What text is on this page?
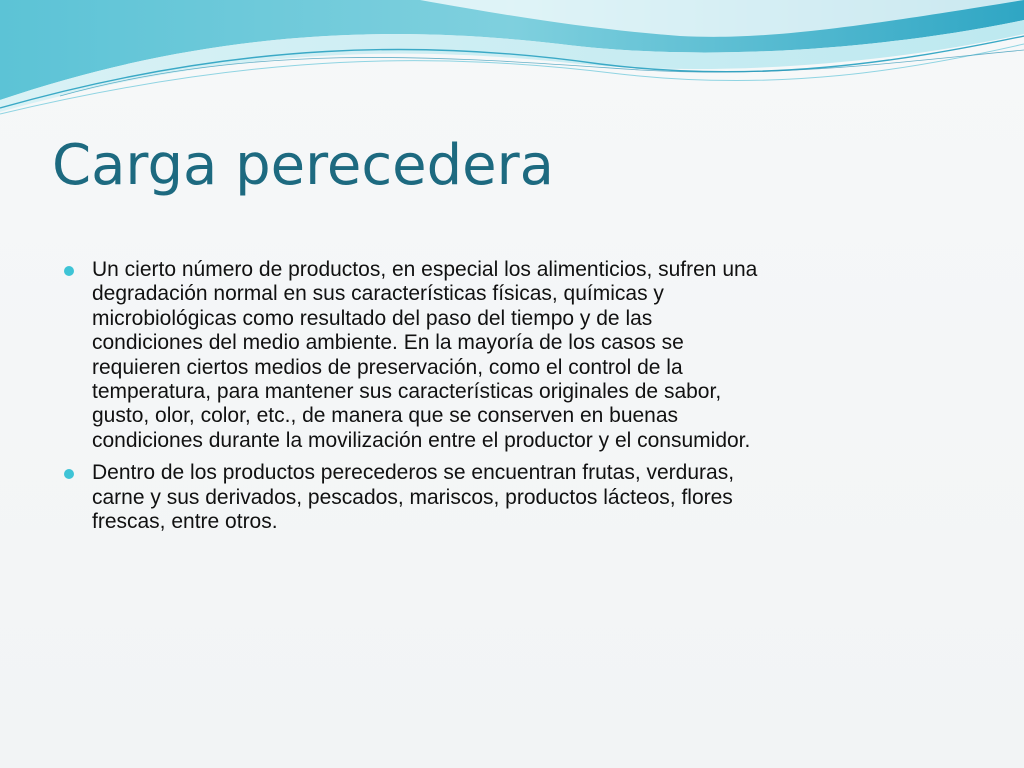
Carga perecedera
Un cierto número de productos, en especial los alimenticios, sufren una degradación normal en sus características físicas, químicas y microbiológicas como resultado del paso del tiempo y de las condiciones del medio ambiente. En la mayoría de los casos se requieren ciertos medios de preservación, como el control de la temperatura, para mantener sus características originales de sabor, gusto, olor, color, etc., de manera que se conserven en buenas condiciones durante la movilización entre el productor y el consumidor.
Dentro de los productos perecederos se encuentran frutas, verduras, carne y sus derivados, pescados, mariscos, productos lácteos, flores frescas, entre otros.
